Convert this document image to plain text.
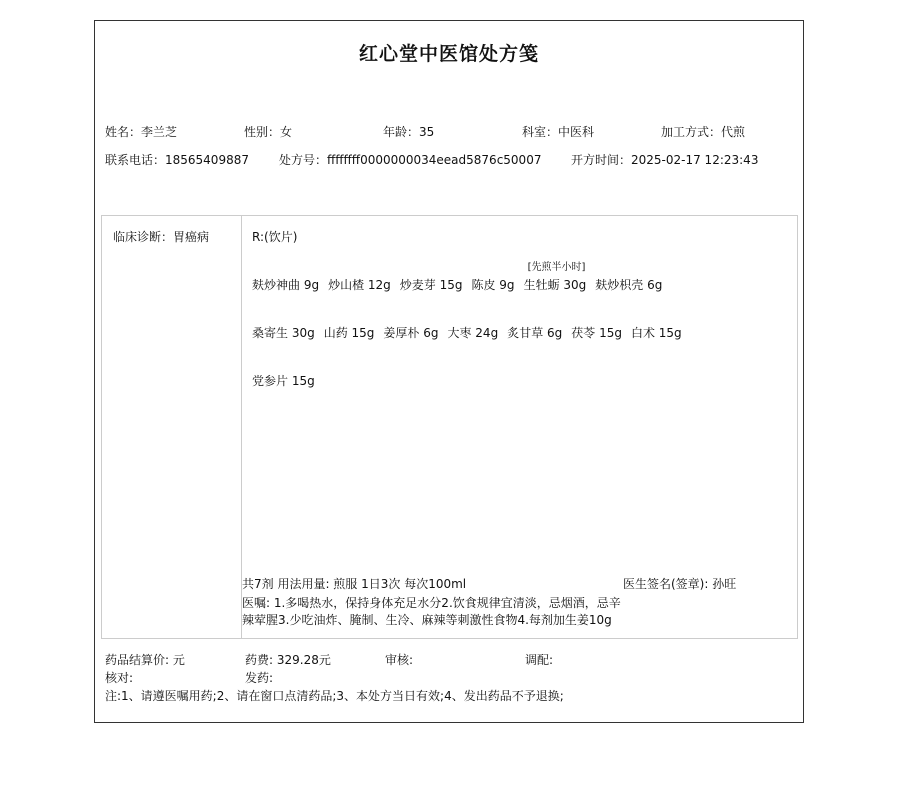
红心堂中医馆处方笺
姓名：李兰芝	性别：女	年龄：35	科室：中医科	加工方式：代煎
联系电话：18565409887	处方号：ffffffff0000000034eead5876c50007 开方时间：2025-02-17 12:23:43
临床诊断：胃癌病	R:(饮片)
麸炒神曲 9g 炒山楂 12g 炒麦芽 15g 陈皮 9g
[先煎半小时]
生牡蛎 30g 麸炒枳壳 6g
桑寄生 30g 山药 15g 姜厚朴 6g 大枣 24g 炙甘草 6g 茯苓 15g 白术 15g
党参片 15g
共7剂 用法用量: 煎服 1日3次 每次100ml	医生签名(签章): 孙旺
医嘱: 1.多喝热水，保持身体充足水分2.饮食规律宜清淡，忌烟酒，忌辛辣荤腥3.少吃油炸、腌制、生冷、麻辣等刺激性食物4.每剂加生姜10g
药品结算价: 元	药费: 329.28元	审核:	调配:
核对:	发药:
注:1、请遵医嘱用药;2、请在窗口点清药品;3、本处方当日有效;4、发出药品不予退换;
